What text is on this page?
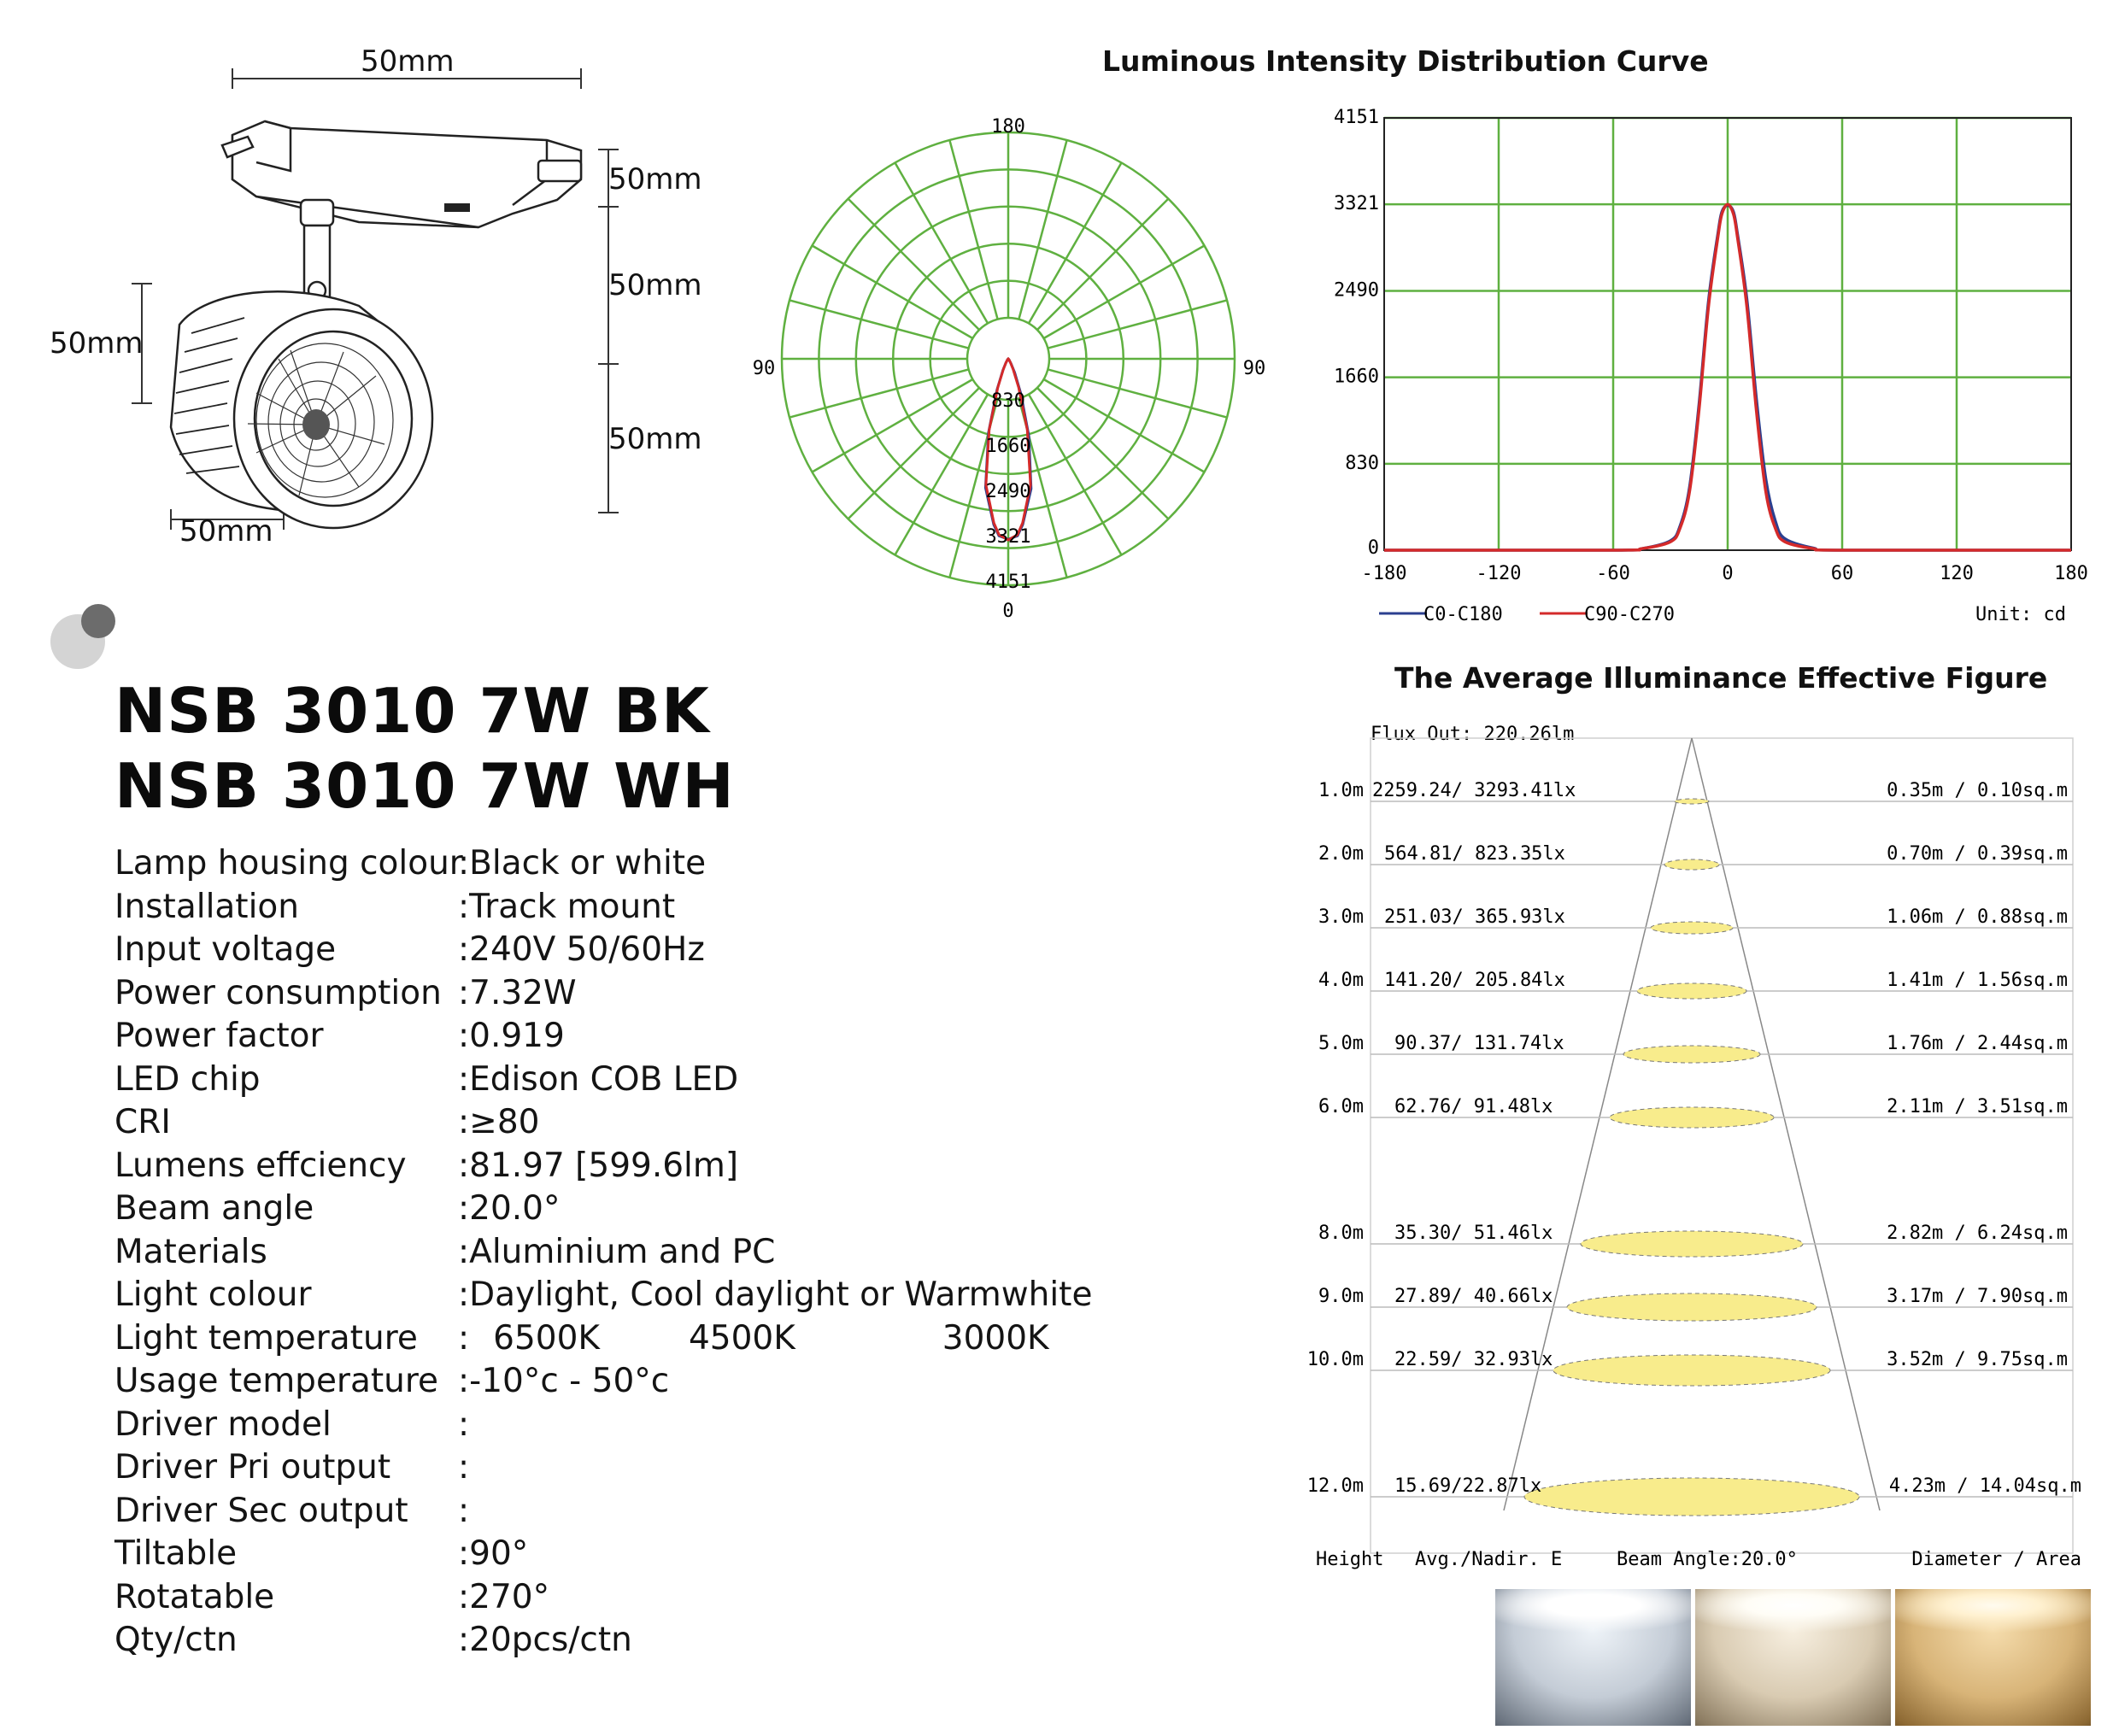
50mm
50mm
50mm
50mm
50mm
50mm
NSB 3010 7W BK
NSB 3010 7W WH
Lamp housing colour
:Black or white
Installation	:Track mount
Input voltage	:240V 50/60Hz
Power consumption :7.32W
Power factor	:0.919
LED chip	:Edison COB LED
CRI	:≥80
Lumens effciency :81.97 [599.6lm]
Beam angle	:20.0°
Materials	:Aluminium and PC
Light colour	:Daylight, Cool daylight or Warmwhite
Light temperature : 6500K	4500K	3000K
Usage temperature :-10°c - 50°c
Driver model	:
Driver Pri output :
Driver Sec output :
Tiltable	:90°
Rotatable	:270°
Qty/ctn	:20pcs/ctn
Luminous Intensity Distribution Curve
180
0
90	90
830
1660
2490
3321
4151
0
830
1660
2490
3321
4151
-180	-120	-60	0	60	120	180
C0-C180	C90-C270	Unit: cd
The Average Illuminance Effective Figure
Flux Out: 220.26lm
1.0m 2259.24/ 3293.41lx	0.35m / 0.10sq.m
2.0m 564.81/ 823.35lx	0.70m / 0.39sq.m
3.0m 251.03/ 365.93lx	1.06m / 0.88sq.m
4.0m 141.20/ 205.84lx	1.41m / 1.56sq.m
5.0m 90.37/ 131.74lx	1.76m / 2.44sq.m
6.0m 62.76/ 91.48lx	2.11m / 3.51sq.m
8.0m 35.30/ 51.46lx	2.82m / 6.24sq.m
9.0m 27.89/ 40.66lx	3.17m / 7.90sq.m
10.0m 22.59/ 32.93lx	3.52m / 9.75sq.m
12.0m 15.69/22.87lx	4.23m / 14.04sq.m
Height Avg./Nadir. E	Beam Angle:20.0°	Diameter / Area
